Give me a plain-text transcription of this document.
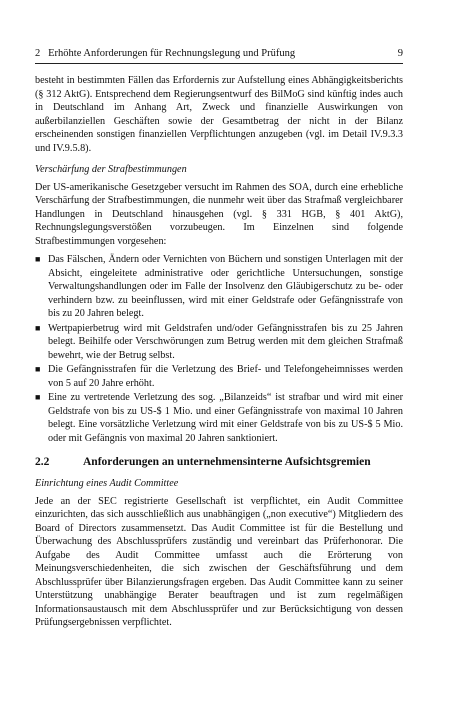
2   Erhöhte Anforderungen für Rechnungslegung und Prüfung	9

besteht in bestimmten Fällen das Erfordernis zur Aufstellung eines Abhängigkeitsberichts (§ 312 AktG). Entsprechend dem Regierungsentwurf des BilMoG sind künftig indes auch in Deutschland im Anhang Art, Zweck und finanzielle Auswirkungen von außerbilanziellen Geschäften sowie der Gesamtbetrag der nicht in der Bilanz erscheinenden sonstigen finanziellen Verpflichtungen anzugeben (vgl. im Detail IV.9.3.3 und IV.9.5.8).

Verschärfung der Strafbestimmungen

Der US-amerikanische Gesetzgeber versucht im Rahmen des SOA, durch eine erhebliche Verschärfung der Strafbestimmungen, die nunmehr weit über das Strafmaß vergleichbarer Handlungen in Deutschland hinausgehen (vgl. § 331 HGB, § 401 AktG), Rechnungslegungsverstößen vorzubeugen. Im Einzelnen sind folgende Strafbestimmungen vorgesehen:

■ Das Fälschen, Ändern oder Vernichten von Büchern und sonstigen Unterlagen mit der Absicht, eingeleitete administrative oder gerichtliche Untersuchungen, sonstige Verwaltungshandlungen oder im Falle der Insolvenz den Gläubigerschutz zu be- oder verhindern bzw. zu beeinflussen, wird mit einer Geldstrafe oder Gefängnisstrafe von bis zu 20 Jahren belegt.
■ Wertpapierbetrug wird mit Geldstrafen und/oder Gefängnisstrafen bis zu 25 Jahren belegt. Beihilfe oder Verschwörungen zum Betrug werden mit dem gleichen Strafmaß bewehrt, wie der Betrug selbst.
■ Die Gefängnisstrafen für die Verletzung des Brief- und Telefongeheimnisses werden von 5 auf 20 Jahre erhöht.
■ Eine zu vertretende Verletzung des sog. „Bilanzeids“ ist strafbar und wird mit einer Geldstrafe von bis zu US-$ 1 Mio. und einer Gefängnisstrafe von maximal 10 Jahren belegt. Eine vorsätzliche Verletzung wird mit einer Geldstrafe von bis zu US-$ 5 Mio. oder mit Gefängnis von maximal 20 Jahren sanktioniert.
2.2	Anforderungen an unternehmensinterne Aufsichtsgremien

Einrichtung eines Audit Committee

Jede an der SEC registrierte Gesellschaft ist verpflichtet, ein Audit Committee einzurichten, das sich ausschließlich aus unabhängigen („non executive“) Mitgliedern des Board of Directors zusammensetzt. Das Audit Committee ist für die Bestellung und Überwachung des Abschlussprüfers zuständig und vereinbart das Prüferhonorar. Die Aufgabe des Audit Committee umfasst auch die Erörterung von Meinungsverschiedenheiten, die sich zwischen der Geschäftsführung und dem Abschlussprüfer über Bilanzierungsfragen ergeben. Das Audit Committee kann zu seiner Unterstützung unabhängige Berater beauftragen und ist zum regelmäßigen Informationsaustausch mit dem Abschlussprüfer und zur Berücksichtigung von dessen Prüfungsergebnissen verpflichtet.
